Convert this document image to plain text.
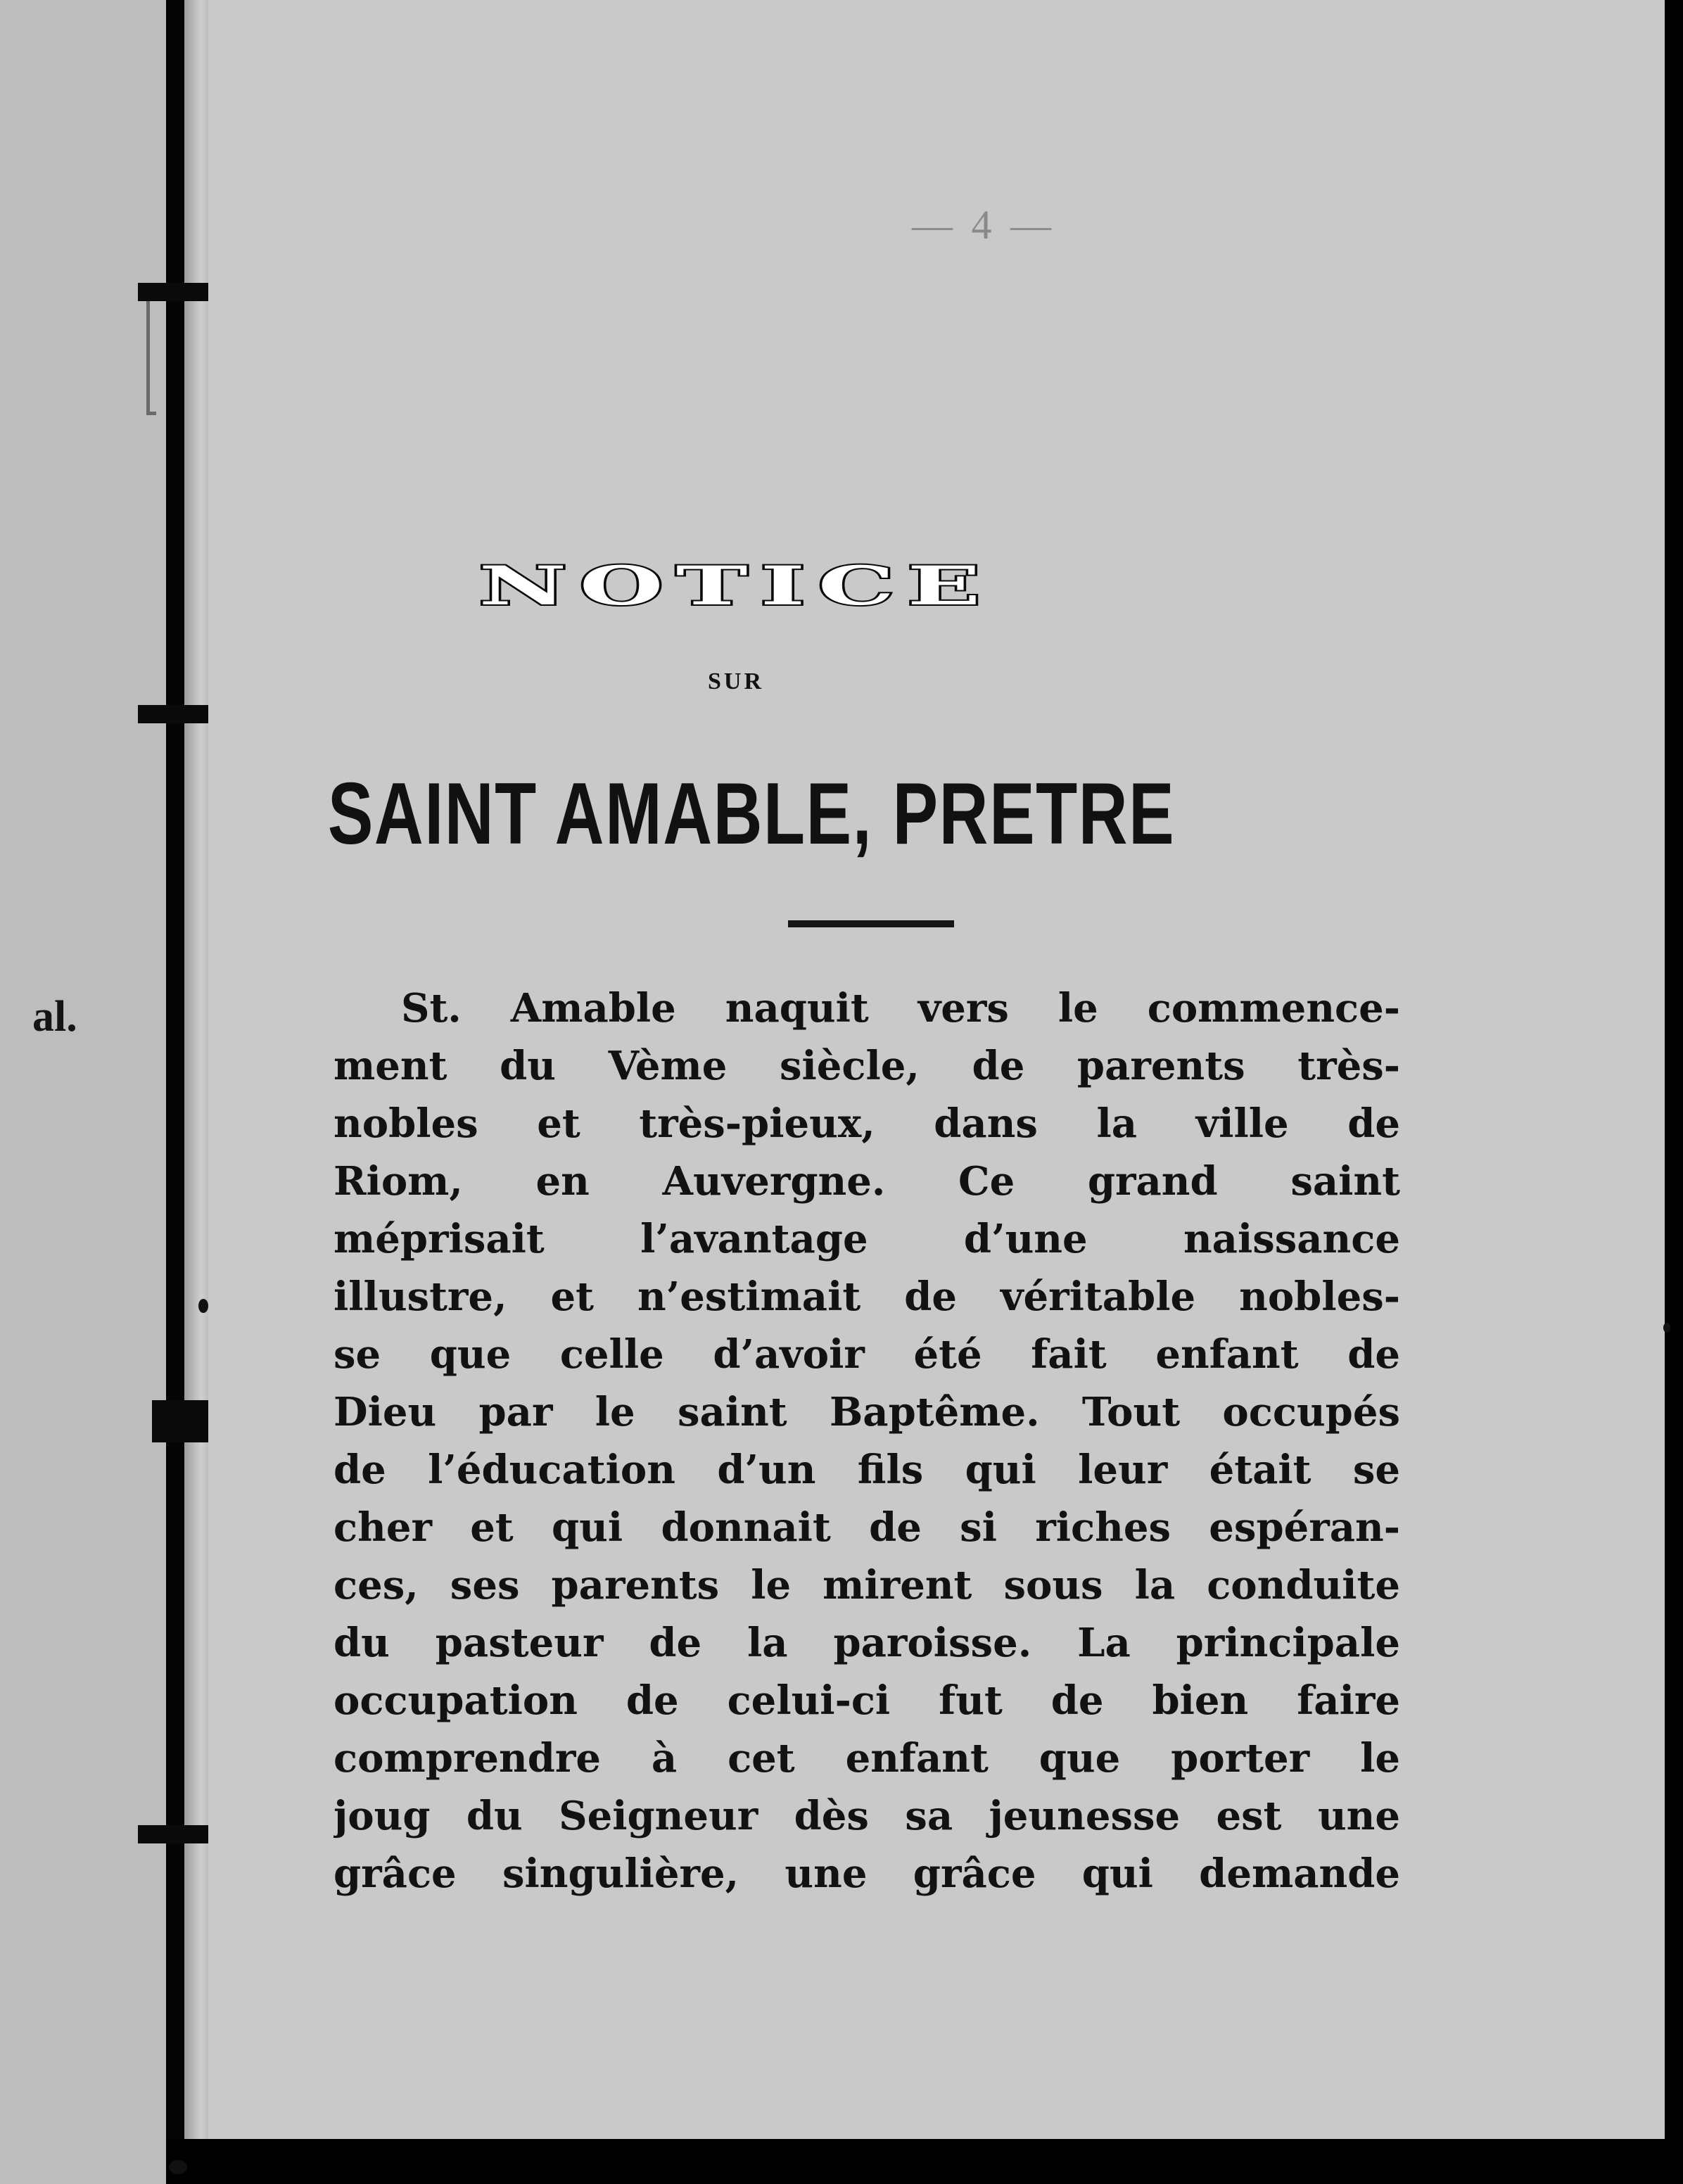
al.
— 4 —

NOTICE
SUR
SAINT AMABLE, PRETRE
St. Amable naquit vers le commence-
ment du Vème siècle, de parents très-
nobles et très-pieux, dans la ville de
Riom, en Auvergne. Ce grand saint
méprisait l’avantage d’une naissance
illustre, et n’estimait de véritable nobles-
se que celle d’avoir été fait enfant de
Dieu par le saint Baptême. Tout occupés
de l’éducation d’un fils qui leur était se
cher et qui donnait de si riches espéran-
ces, ses parents le mirent sous la conduite
du pasteur de la paroisse. La principale
occupation de celui-ci fut de bien faire
comprendre à cet enfant que porter le
joug du Seigneur dès sa jeunesse est une
grâce singulière, une grâce qui demande
